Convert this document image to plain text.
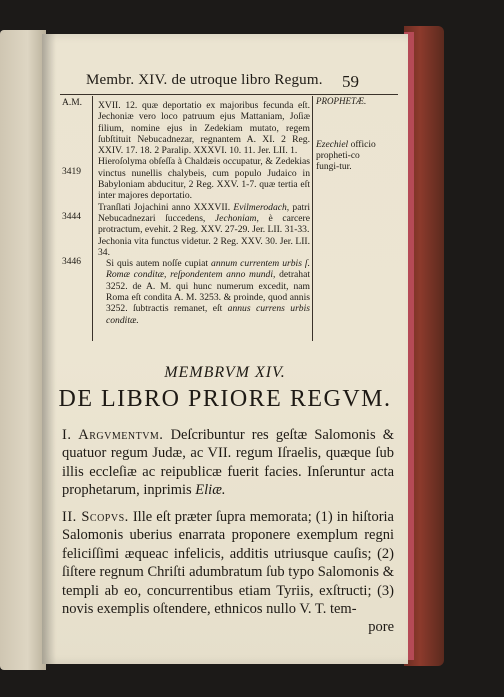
Membr. XIV. de utroque libro Regum.	59
A.M.	PROPHETÆ.
Ezechiel officio propheti-co fungi-tur.
3419
3444
3446

XVII. 12. quæ deportatio ex majoribus fecunda eſt. Jechoniæ vero loco patruum ejus Mattaniam, Joſiæ filium, nomine ejus in Zedekiam mutato, regem ſubſtituit Nebucadnezar, regnantem A. XI. 2 Reg. XXIV. 17. 18. 2 Paralip. XXXVI. 10. 11. Jer. LII. 1.

Hieroſolyma obſeſſa à Chaldæis occupatur, & Zedekias vinctus nunellis chalybeis, cum populo Judaico in Babyloniam abducitur, 2 Reg. XXV. 1-7. quæ tertia eſt inter majores deportatio.

Tranſlati Jojachini anno XXXVII. Evilmerodach, patri Nebucadnezari ſuccedens, Jechoniam, è carcere protractum, evehit. 2 Reg. XXV. 27-29. Jer. LII. 31-33.

Jechonia vita functus videtur. 2 Reg. XXV. 30. Jer. LII. 34.

Si quis autem noſſe cupiat annum currentem urbis ſ. Romæ conditæ, reſpondentem anno mundi, detrahat 3252. de A. M. qui hunc numerum excedit, nam Roma eſt condita A. M. 3253. & proinde, quod annis 3252. ſubtractis remanet, eſt annus currens urbis conditæ.

MEMBRVM XIV.
DE LIBRO PRIORE REGVM.
I. Argvmentvm. Deſcribuntur res geſtæ Salomonis & quatuor regum Judæ, ac VII. regum Iſraelis, quæque ſub illis eccleſiæ ac reipublicæ fuerit facies. Inſeruntur acta prophetarum, inprimis Eliæ.
II. Scopvs. Ille eſt præter ſupra memorata; (1) in hiſtoria Salomonis uberius enarrata proponere exemplum regni feliciſſimi æqueac infelicis, additis utriusque cauſis; (2) ſiſtere regnum Chriſti adumbratum ſub typo Salomonis & templi ab eo, concurrentibus etiam Tyriis, exſtructi; (3) novis exemplis oſtendere, ethnicos nullo V. T. tem-
pore
